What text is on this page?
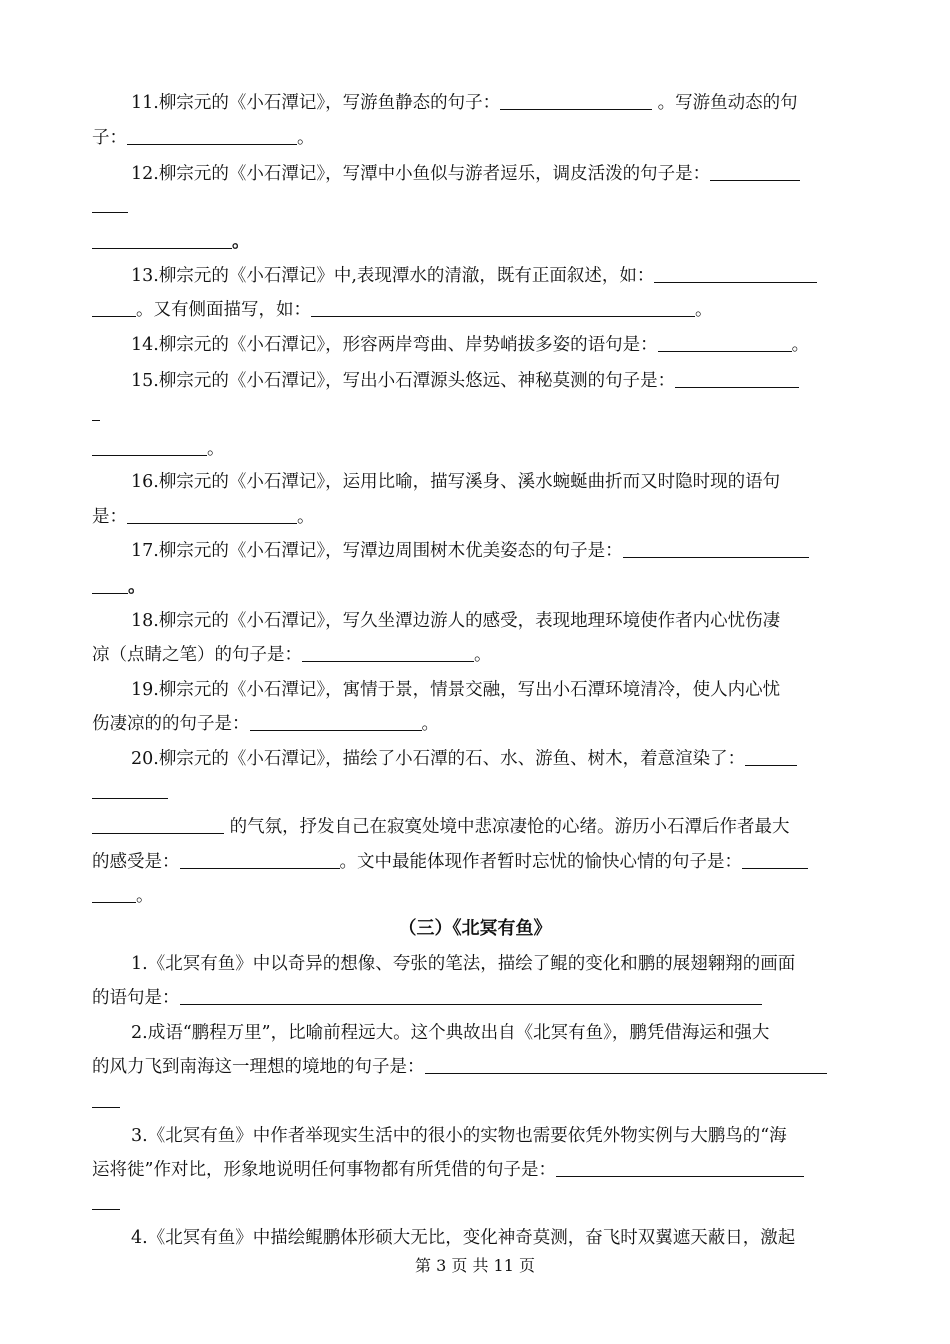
11.柳宗元的《小石潭记》，写游鱼静态的句子：	。写游鱼动态的句
子：	。
12.柳宗元的《小石潭记》，写潭中小鱼似与游者逗乐，调皮活泼的句子是：
。
13.柳宗元的《小石潭记》中,表现潭水的清澈，既有正面叙述，如：
。又有侧面描写，如：	。
14.柳宗元的《小石潭记》，形容两岸弯曲、岸势峭拔多姿的语句是：	。
15.柳宗元的《小石潭记》，写出小石潭源头悠远、神秘莫测的句子是：
。
16.柳宗元的《小石潭记》，运用比喻，描写溪身、溪水蜿蜒曲折而又时隐时现的语句
是：	。
17.柳宗元的《小石潭记》，写潭边周围树木优美姿态的句子是：
。
18.柳宗元的《小石潭记》，写久坐潭边游人的感受，表现地理环境使作者内心忧伤凄
凉（点睛之笔）的句子是：	。
19.柳宗元的《小石潭记》，寓情于景，情景交融，写出小石潭环境清冷，使人内心忧
伤凄凉的的句子是：	。
20.柳宗元的《小石潭记》，描绘了小石潭的石、水、游鱼、树木，着意渲染了：
的气氛，抒发自己在寂寞处境中悲凉凄怆的心绪。游历小石潭后作者最大
的感受是：	。文中最能体现作者暂时忘忧的愉快心情的句子是：
。
（三）《北冥有鱼》
1.《北冥有鱼》中以奇异的想像、夸张的笔法，描绘了鲲的变化和鹏的展翅翱翔的画面
的语句是：
2.成语“鹏程万里”，比喻前程远大。这个典故出自《北冥有鱼》，鹏凭借海运和强大
的风力飞到南海这一理想的境地的句子是：
3.《北冥有鱼》中作者举现实生活中的很小的实物也需要依凭外物实例与大鹏鸟的“海
运将徙”作对比，形象地说明任何事物都有所凭借的句子是：
4.《北冥有鱼》中描绘鲲鹏体形硕大无比，变化神奇莫测，奋飞时双翼遮天蔽日，激起
第 3 页 共 11 页
